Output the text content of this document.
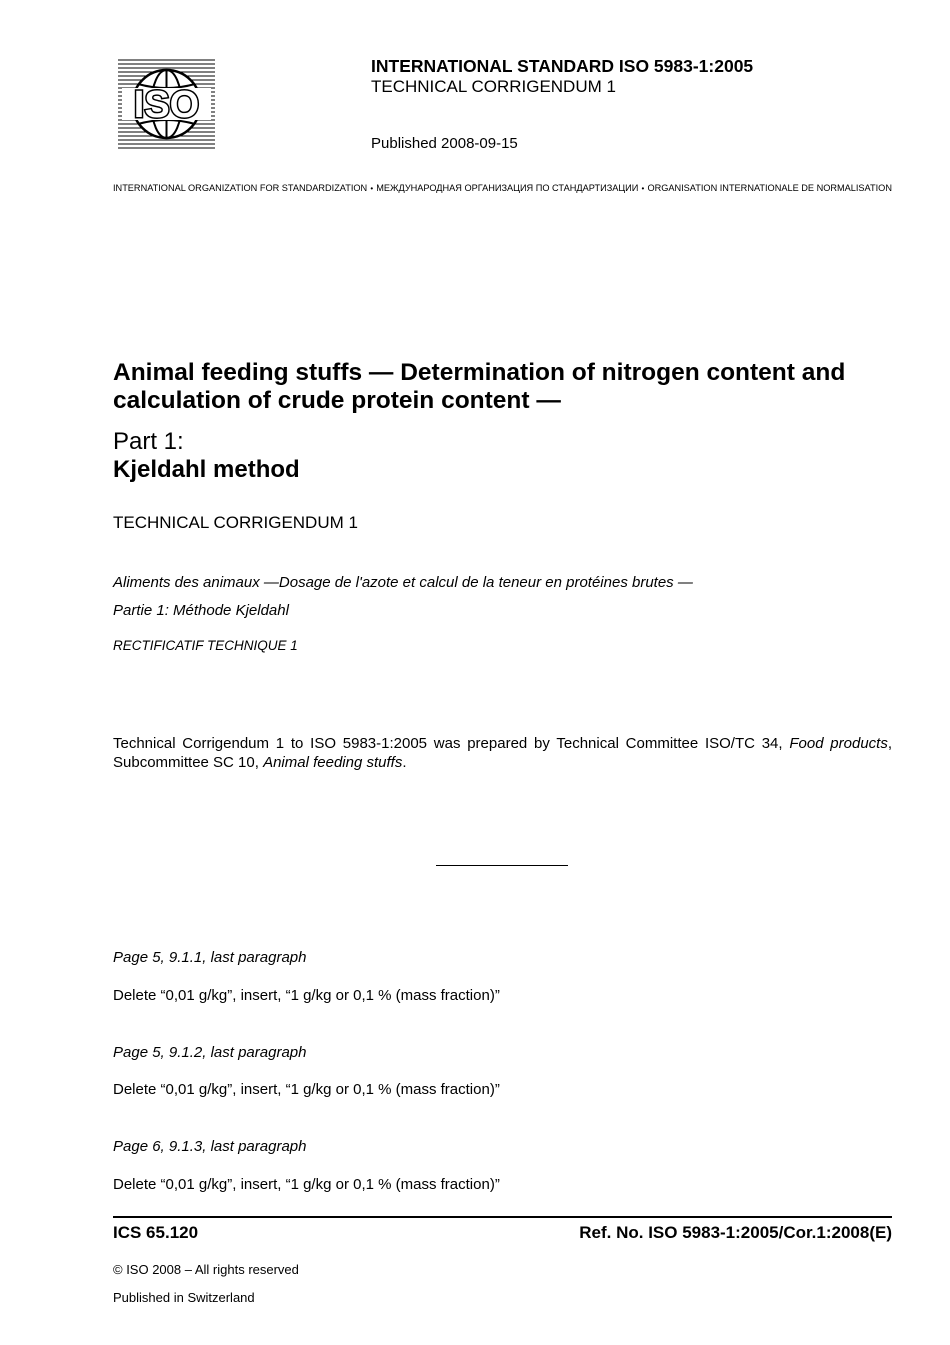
ISO
INTERNATIONAL STANDARD ISO 5983-1:2005
TECHNICAL CORRIGENDUM 1
Published 2008-09-15
INTERNATIONAL ORGANIZATION FOR STANDARDIZATION • МЕЖДУНАРОДНАЯ ОРГАНИЗАЦИЯ ПО СТАНДАРТИЗАЦИИ • ORGANISATION INTERNATIONALE DE NORMALISATION
Animal feeding stuffs — Determination of nitrogen content and calculation of crude protein content —
Part 1:
Kjeldahl method
TECHNICAL CORRIGENDUM 1
Aliments des animaux —Dosage de l'azote et calcul de la teneur en protéines brutes —
Partie 1: Méthode Kjeldahl
RECTIFICATIF TECHNIQUE 1
Technical Corrigendum 1 to ISO 5983-1:2005 was prepared by Technical Committee ISO/TC 34, Food products, Subcommittee SC 10, Animal feeding stuffs.
Page 5, 9.1.1, last paragraph
Delete “0,01 g/kg”, insert, “1 g/kg or 0,1 % (mass fraction)”
Page 5, 9.1.2, last paragraph
Delete “0,01 g/kg”, insert, “1 g/kg or 0,1 % (mass fraction)”
Page 6, 9.1.3, last paragraph
Delete “0,01 g/kg”, insert, “1 g/kg or 0,1 % (mass fraction)”
ICS 65.120	Ref. No. ISO 5983-1:2005/Cor.1:2008(E)
© ISO 2008 – All rights reserved
Published in Switzerland
